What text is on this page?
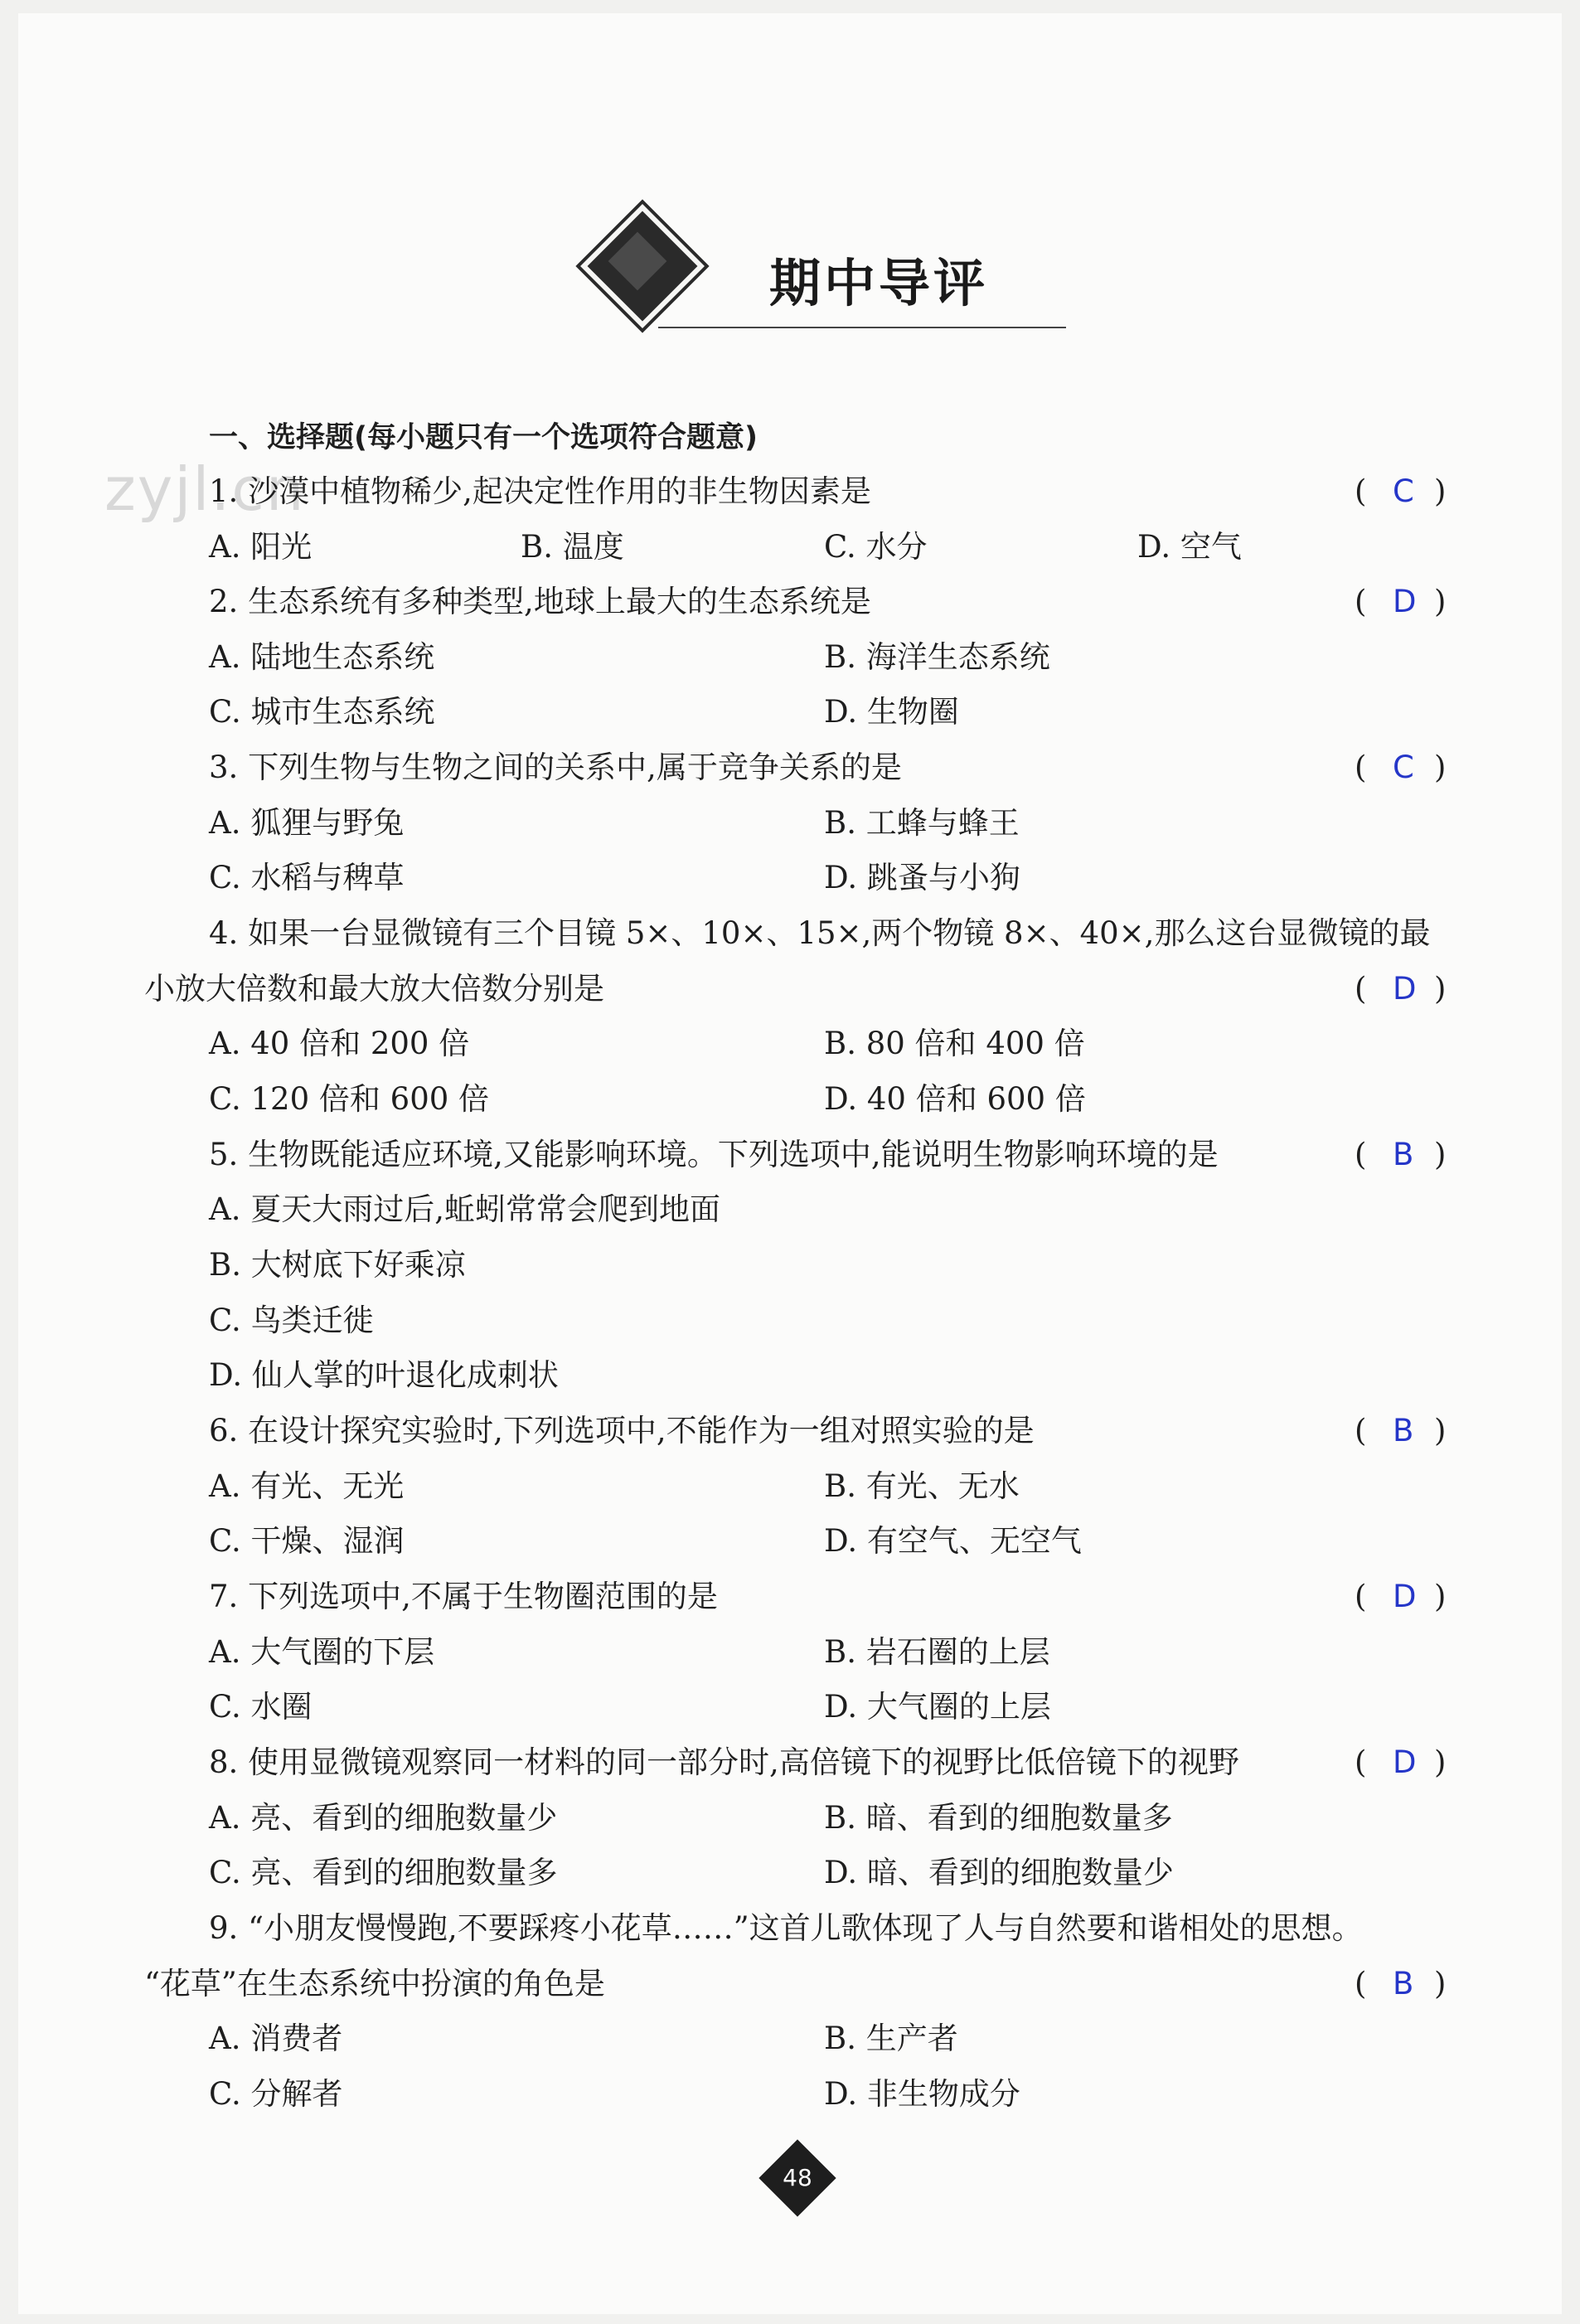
期中导评
zyjl.cn
一、选择题(每小题只有一个选项符合题意)
1. 沙漠中植物稀少,起决定性作用的非生物因素是	( C )
A. 阳光	B. 温度	C. 水分	D. 空气
2. 生态系统有多种类型,地球上最大的生态系统是	( D )
A. 陆地生态系统	B. 海洋生态系统
C. 城市生态系统	D. 生物圈
3. 下列生物与生物之间的关系中,属于竞争关系的是	( C )
A. 狐狸与野兔	B. 工蜂与蜂王
C. 水稻与稗草	D. 跳蚤与小狗
4. 如果一台显微镜有三个目镜 5×、10×、15×,两个物镜 8×、40×,那么这台显微镜的最
小放大倍数和最大放大倍数分别是	( D )
A. 40 倍和 200 倍	B. 80 倍和 400 倍
C. 120 倍和 600 倍	D. 40 倍和 600 倍
5. 生物既能适应环境,又能影响环境。下列选项中,能说明生物影响环境的是	( B )
A. 夏天大雨过后,蚯蚓常常会爬到地面
B. 大树底下好乘凉
C. 鸟类迁徙
D. 仙人掌的叶退化成刺状
6. 在设计探究实验时,下列选项中,不能作为一组对照实验的是	( B )
A. 有光、无光	B. 有光、无水
C. 干燥、湿润	D. 有空气、无空气
7. 下列选项中,不属于生物圈范围的是	( D )
A. 大气圈的下层	B. 岩石圈的上层
C. 水圈	D. 大气圈的上层
8. 使用显微镜观察同一材料的同一部分时,高倍镜下的视野比低倍镜下的视野	( D )
A. 亮、看到的细胞数量少	B. 暗、看到的细胞数量多
C. 亮、看到的细胞数量多	D. 暗、看到的细胞数量少
9. “小朋友慢慢跑,不要踩疼小花草……”这首儿歌体现了人与自然要和谐相处的思想。
“花草”在生态系统中扮演的角色是	( B )
A. 消费者	B. 生产者
C. 分解者	D. 非生物成分
48
